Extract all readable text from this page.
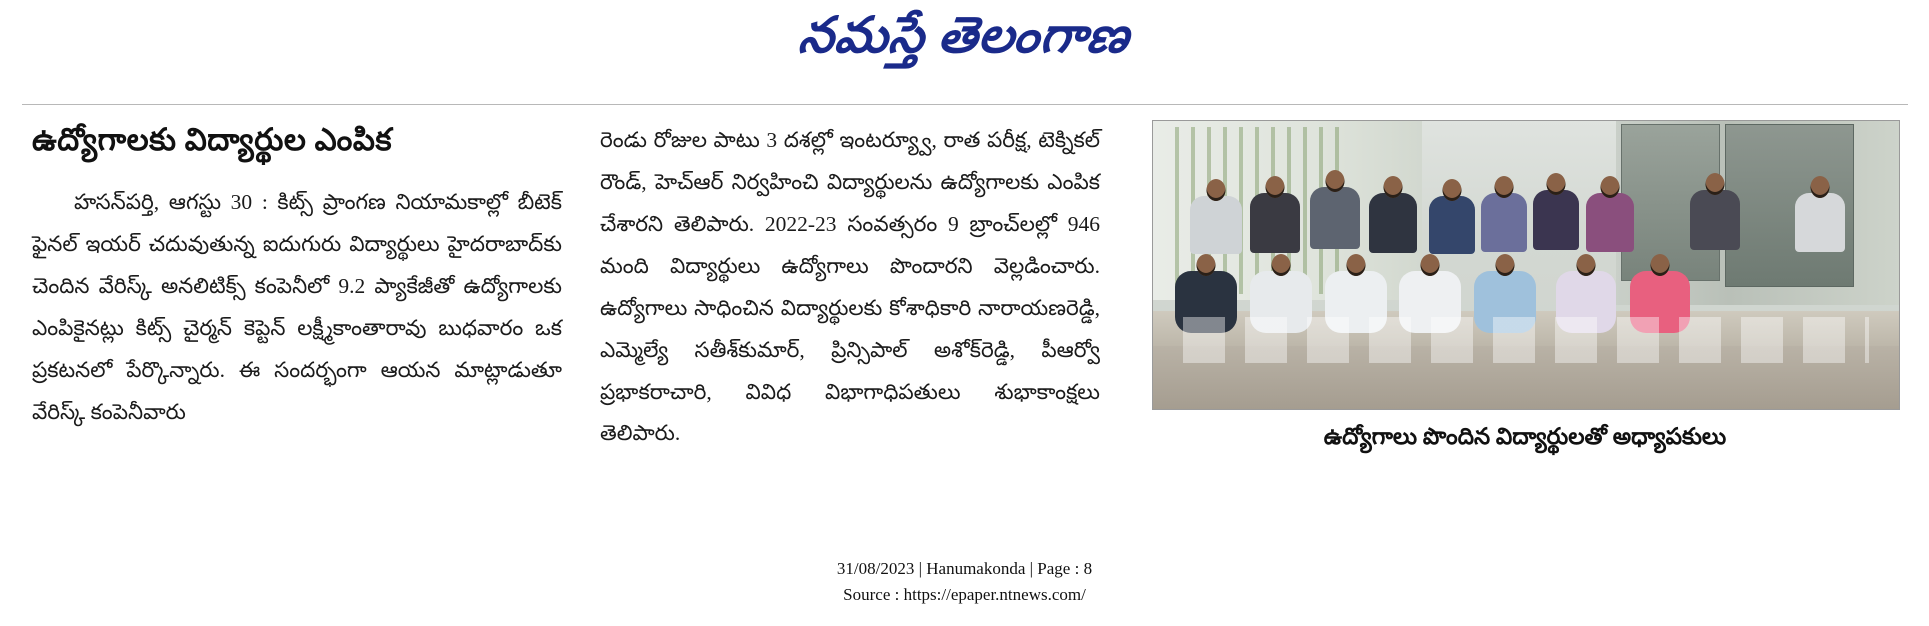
నమస్తే తెలంగాణ
ఉద్యోగాలకు విద్యార్థుల ఎంపిక

హసన్‌పర్తి, ఆగస్టు 30 : కిట్స్ ప్రాంగణ నియామకాల్లో బీటెక్ ఫైనల్ ఇయర్ చదువుతున్న ఐదుగురు విద్యార్థులు హైదరాబాద్‌కు చెందిన వేరిస్క్ అనలిటిక్స్ కంపెనీలో 9.2 ప్యాకేజీతో ఉద్యోగాలకు ఎంపికైనట్లు కిట్స్ చైర్మన్ కెప్టెన్ లక్ష్మీకాంతారావు బుధవారం ఒక ప్రకటనలో పేర్కొన్నారు. ఈ సందర్భంగా ఆయన మాట్లాడుతూ వేరిస్క్ కంపెనీవారు

రెండు రోజుల పాటు 3 దశల్లో ఇంటర్య్వూ, రాత పరీక్ష, టెక్నికల్ రౌండ్, హెచ్‌ఆర్ నిర్వహించి విద్యార్థులను ఉద్యోగాలకు ఎంపిక చేశారని తెలిపారు. 2022-23 సంవత్సరం 9 బ్రాంచ్‌లల్లో 946 మంది విద్యార్థులు ఉద్యోగాలు పొందారని వెల్లడించారు. ఉద్యోగాలు సాధించిన విద్యార్థులకు కోశాధికారి నారాయణరెడ్డి, ఎమ్మెల్యే సతీశ్‌కుమార్, ప్రిన్సిపాల్ అశోక్‌రెడ్డి, పీఆర్వో ప్రభాకరాచారి, వివిధ విభాగాధిపతులు శుభాకాంక్షలు తెలిపారు.	ఉద్యోగాలు పొందిన విద్యార్థులతో అధ్యాపకులు
31/08/2023 | Hanumakonda | Page : 8
Source : https://epaper.ntnews.com/
